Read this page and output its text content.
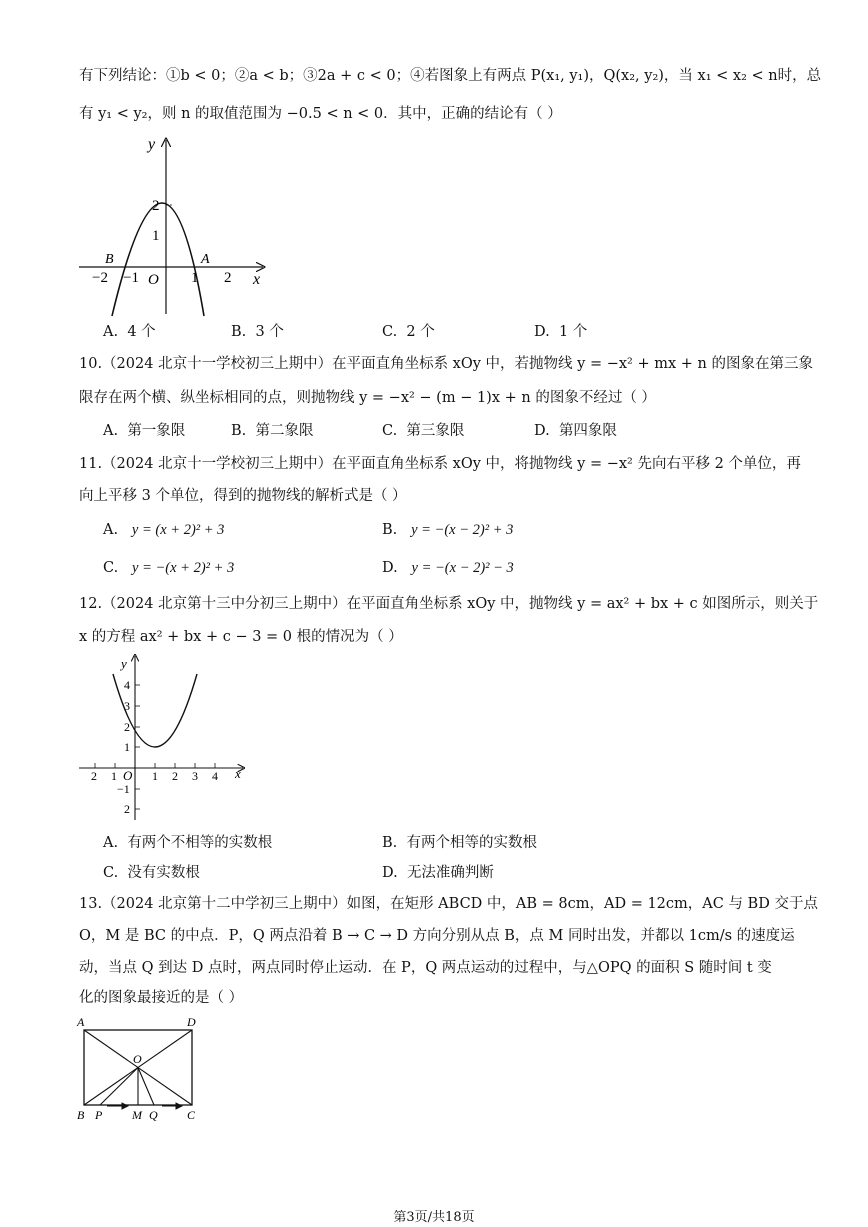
有下列结论：①b < 0；②a < b；③2a + c < 0；④若图象上有两点 P(x₁, y₁)，Q(x₂, y₂)，当 x₁ < x₂ < n时，总
有 y₁ < y₂，则 n 的取值范围为 −0.5 < n < 0．其中，正确的结论有（ ）
y
x
O
B	A
−2 −1	1 2
1
2
A. 4 个	B. 3 个	C. 2 个	D. 1 个
10.（2024 北京十一学校初三上期中）在平面直角坐标系 xOy 中，若抛物线 y = −x² + mx + n 的图象在第三象
限存在两个横、纵坐标相同的点，则抛物线 y = −x² − (m − 1)x + n 的图象不经过（ ）
A. 第一象限	B. 第二象限	C. 第三象限	D. 第四象限
11.（2024 北京十一学校初三上期中）在平面直角坐标系 xOy 中，将抛物线 y = −x² 先向右平移 2 个单位，再
向上平移 3 个单位，得到的抛物线的解析式是（ ）
A. y = (x + 2)² + 3	B. y = −(x − 2)² + 3
C. y = −(x + 2)² + 3	D. y = −(x − 2)² − 3
12.（2024 北京第十三中分初三上期中）在平面直角坐标系 xOy 中，抛物线 y = ax² + bx + c 如图所示，则关于
x 的方程 ax² + bx + c − 3 = 0 根的情况为（ ）
y
x
O
2 1	1 2 3 4
4
3
2
1
−1
2
A. 有两个不相等的实数根	B. 有两个相等的实数根
C. 没有实数根	D. 无法准确判断
13.（2024 北京第十二中学初三上期中）如图，在矩形 ABCD 中，AB = 8cm，AD = 12cm，AC 与 BD 交于点
O，M 是 BC 的中点．P，Q 两点沿着 B → C → D 方向分别从点 B，点 M 同时出发，并都以 1cm/s 的速度运
动，当点 Q 到达 D 点时，两点同时停止运动．在 P，Q 两点运动的过程中，与△OPQ 的面积 S 随时间 t 变
化的图象最接近的是（ ）
A	D
O
B P M Q C
第3页/共18页
